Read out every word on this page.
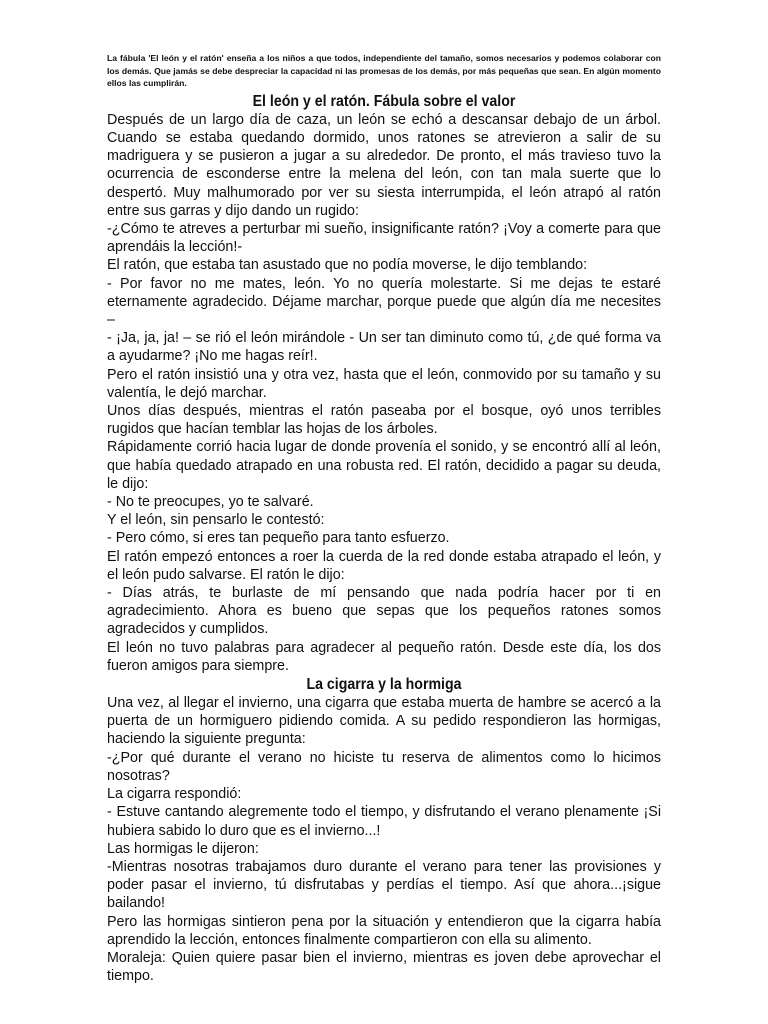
La fábula 'El león y el ratón' enseña a los niños a que todos, independiente del tamaño, somos necesarios y podemos colaborar con los demás. Que jamás se debe despreciar la capacidad ni las promesas de los demás, por más pequeñas que sean. En algún momento ellos las cumplirán.

El león y el ratón. Fábula sobre el valor

Después de un largo día de caza, un león se echó a descansar debajo de un árbol. Cuando se estaba quedando dormido, unos ratones se atrevieron a salir de su madriguera y se pusieron a jugar a su alrededor. De pronto, el más travieso tuvo la ocurrencia de esconderse entre la melena del león, con tan mala suerte que lo despertó. Muy malhumorado por ver su siesta interrumpida, el león atrapó al ratón entre sus garras y dijo dando un rugido:

-¿Cómo te atreves a perturbar mi sueño, insignificante ratón? ¡Voy a comerte para que aprendáis la lección!-

El ratón, que estaba tan asustado que no podía moverse, le dijo temblando:

- Por favor no me mates, león. Yo no quería molestarte. Si me dejas te estaré eternamente agradecido. Déjame marchar, porque puede que algún día me necesites –

- ¡Ja, ja, ja! – se rió el león mirándole - Un ser tan diminuto como tú, ¿de qué forma va a ayudarme? ¡No me hagas reír!.

Pero el ratón insistió una y otra vez, hasta que el león, conmovido por su tamaño y su valentía, le dejó marchar.

Unos días después, mientras el ratón paseaba por el bosque, oyó unos terribles rugidos que hacían temblar las hojas de los árboles.

Rápidamente corrió hacia lugar de donde provenía el sonido, y se encontró allí al león, que había quedado atrapado en una robusta red. El ratón, decidido a pagar su deuda, le dijo:

- No te preocupes, yo te salvaré.

Y el león, sin pensarlo le contestó:

- Pero cómo, si eres tan pequeño para tanto esfuerzo.

El ratón empezó entonces a roer la cuerda de la red donde estaba atrapado el león, y el león pudo salvarse. El ratón le dijo:

- Días atrás, te burlaste de mí pensando que nada podría hacer por ti en agradecimiento. Ahora es bueno que sepas que los pequeños ratones somos agradecidos y cumplidos.

El león no tuvo palabras para agradecer al pequeño ratón. Desde este día, los dos fueron amigos para siempre.

La cigarra y la hormiga

Una vez, al llegar el invierno, una cigarra que estaba muerta de hambre se acercó a la puerta de un hormiguero pidiendo comida. A su pedido respondieron las hormigas, haciendo la siguiente pregunta:

-¿Por qué durante el verano no hiciste tu reserva de alimentos como lo hicimos nosotras?

La cigarra respondió:

- Estuve cantando alegremente todo el tiempo, y disfrutando el verano plenamente ¡Si hubiera sabido lo duro que es el invierno...!

Las hormigas le dijeron:

-Mientras nosotras trabajamos duro durante el verano para tener las provisiones y poder pasar el invierno, tú disfrutabas y perdías el tiempo. Así que ahora...¡sigue bailando!

Pero las hormigas sintieron pena por la situación y entendieron que la cigarra había aprendido la lección, entonces finalmente compartieron con ella su alimento.

Moraleja: Quien quiere pasar bien el invierno, mientras es joven debe aprovechar el tiempo.
